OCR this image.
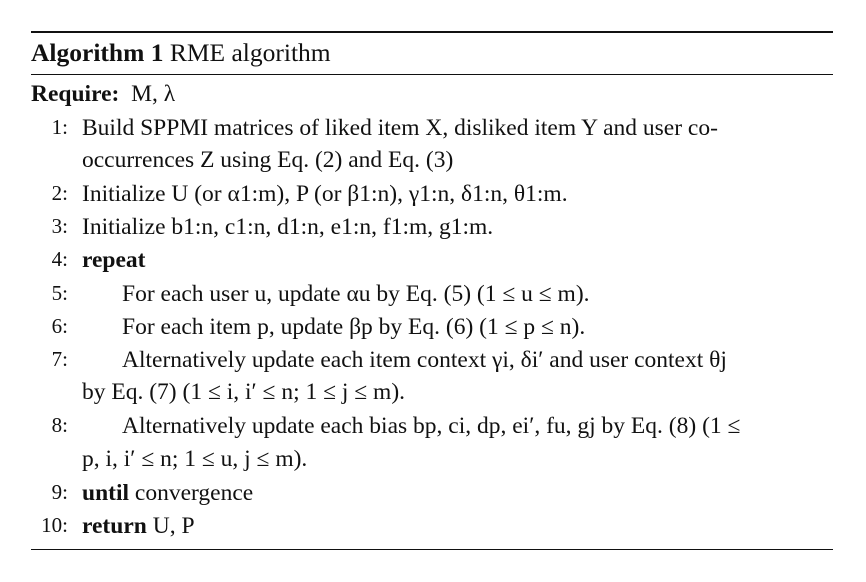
Algorithm 1 RME algorithm
Require: M, λ
1: Build SPPMI matrices of liked item X, disliked item Y and user co-
occurrences Z using Eq. (2) and Eq. (3)
2: Initialize U (or α1:m), P (or β1:n), γ1:n, δ1:n, θ1:m.
3: Initialize b1:n, c1:n, d1:n, e1:n, f1:m, g1:m.
4: repeat
5:	For each user u, update αu by Eq. (5) (1 ≤ u ≤ m).
6:	For each item p, update βp by Eq. (6) (1 ≤ p ≤ n).
7:	Alternatively update each item context γi, δi′ and user context θj
by Eq. (7) (1 ≤ i, i′ ≤ n; 1 ≤ j ≤ m).
8:	Alternatively update each bias bp, ci, dp, ei′, fu, gj by Eq. (8) (1 ≤
p, i, i′ ≤ n; 1 ≤ u, j ≤ m).
9: until convergence
10: return U, P
